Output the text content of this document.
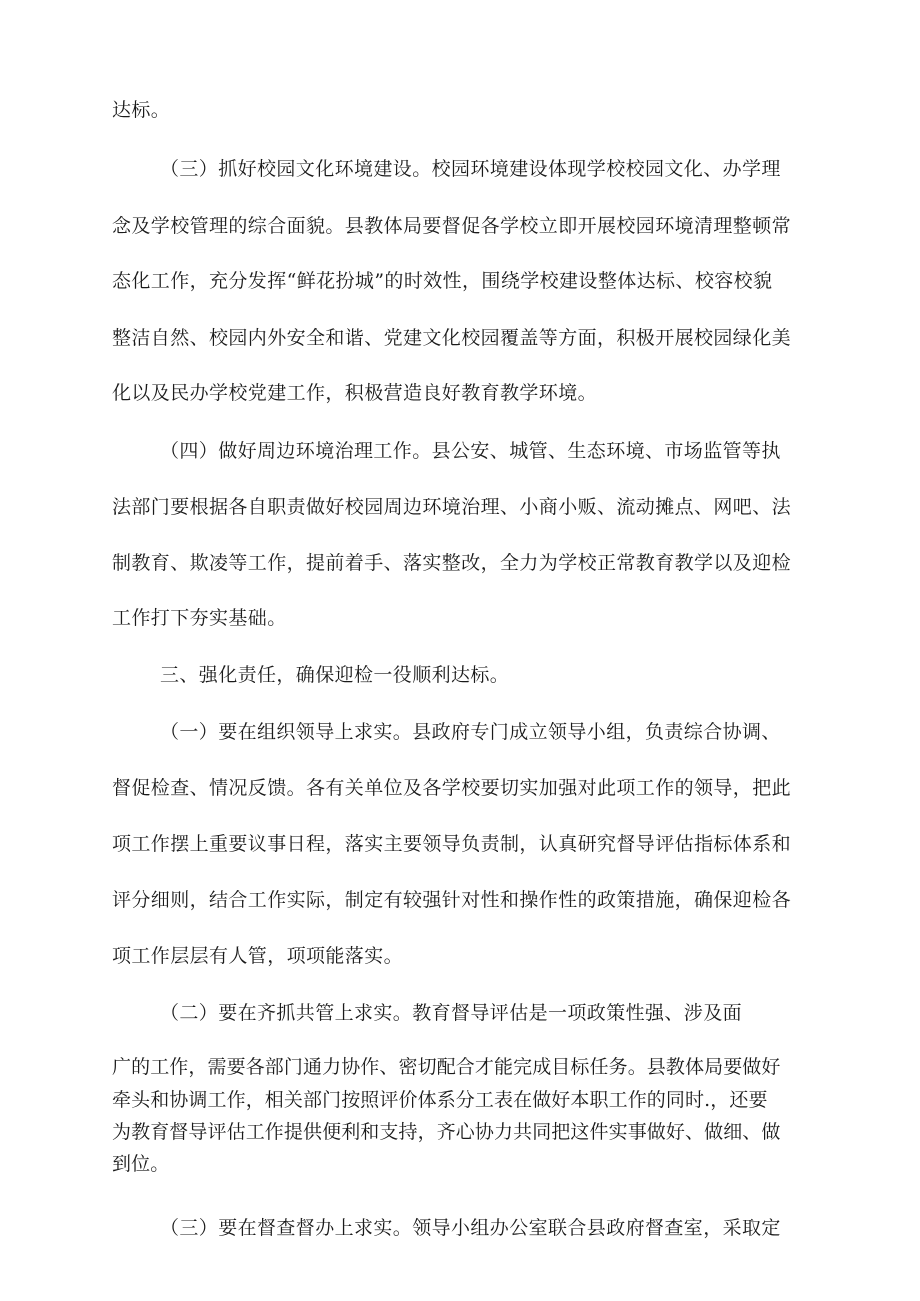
达标。
（三）抓好校园文化环境建设。校园环境建设体现学校校园文化、办学理
念及学校管理的综合面貌。县教体局要督促各学校立即开展校园环境清理整顿常
态化工作，充分发挥“鲜花扮城”的时效性，围绕学校建设整体达标、校容校貌
整洁自然、校园内外安全和谐、党建文化校园覆盖等方面，积极开展校园绿化美
化以及民办学校党建工作，积极营造良好教育教学环境。
（四）做好周边环境治理工作。县公安、城管、生态环境、市场监管等执
法部门要根据各自职责做好校园周边环境治理、小商小贩、流动摊点、网吧、法
制教育、欺凌等工作，提前着手、落实整改，全力为学校正常教育教学以及迎检
工作打下夯实基础。
三、强化责任，确保迎检一役顺利达标。
（一）要在组织领导上求实。县政府专门成立领导小组，负责综合协调、
督促检查、情况反馈。各有关单位及各学校要切实加强对此项工作的领导，把此
项工作摆上重要议事日程，落实主要领导负责制，认真研究督导评估指标体系和
评分细则，结合工作实际，制定有较强针对性和操作性的政策措施，确保迎检各
项工作层层有人管，项项能落实。
（二）要在齐抓共管上求实。教育督导评估是一项政策性强、涉及面
广的工作，需要各部门通力协作、密切配合才能完成目标任务。县教体局要做好
牵头和协调工作，相关部门按照评价体系分工表在做好本职工作的同时.，还要
为教育督导评估工作提供便利和支持，齐心协力共同把这件实事做好、做细、做
到位。
（三）要在督查督办上求实。领导小组办公室联合县政府督查室，采取定
